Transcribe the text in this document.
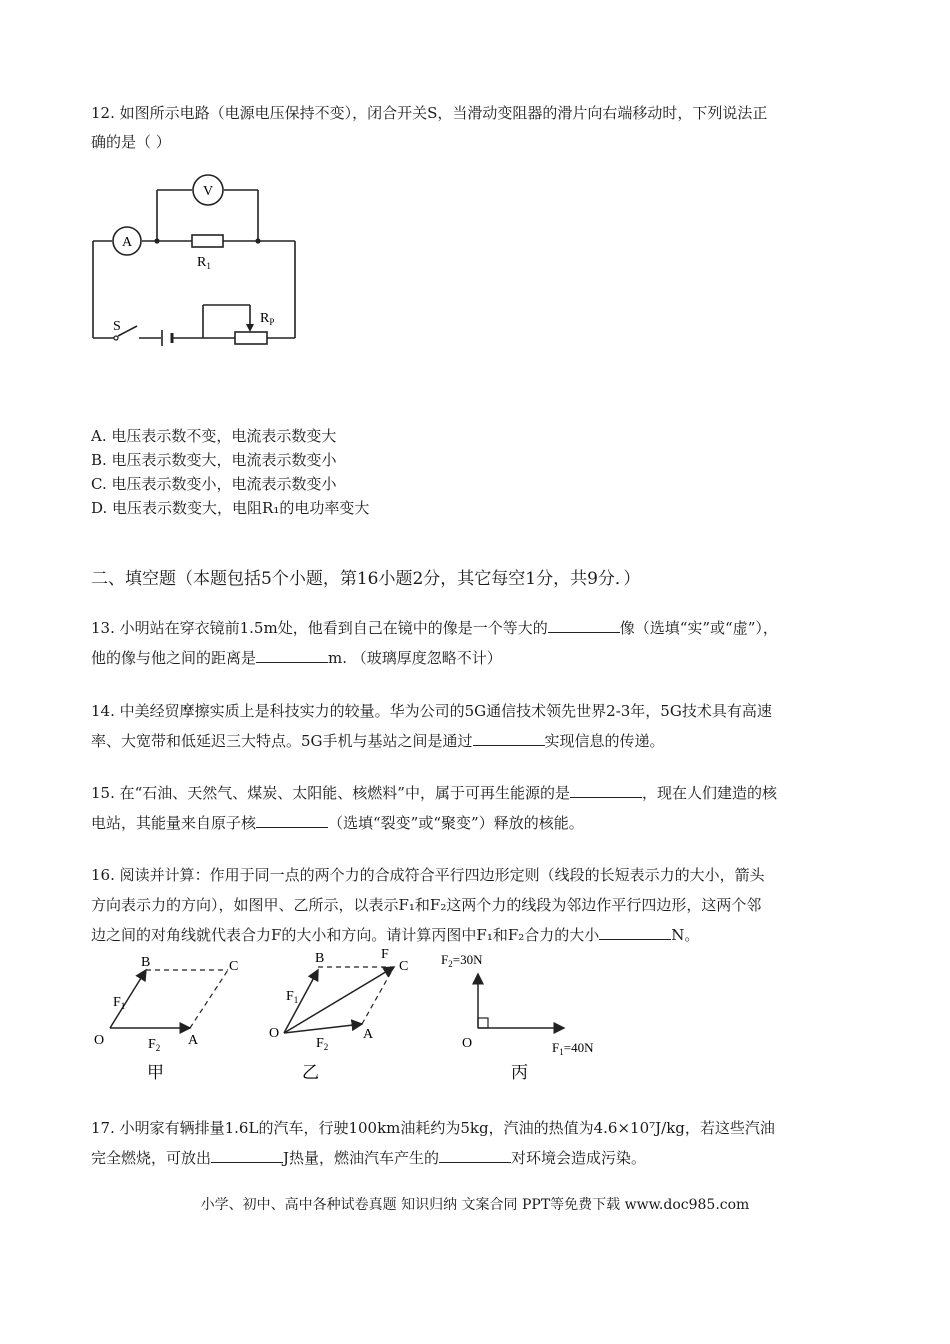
12. 如图所示电路（电源电压保持不变），闭合开关S，当滑动变阻器的滑片向右端移动时，下列说法正
确的是（ ）
A
V
$R_1$
$R_P$
S
A. 电压表示数不变，电流表示数变大
B. 电压表示数变大，电流表示数变小
C. 电压表示数变小，电流表示数变小
D. 电压表示数变大，电阻R₁的电功率变大
二、填空题（本题包括5个小题，第16小题2分，其它每空1分，共9分．）
13. 小明站在穿衣镜前1.5m处，他看到自己在镜中的像是一个等大的	像（选填“实”或“虚”），
他的像与他之间的距离是	m. （玻璃厚度忽略不计）
14. 中美经贸摩擦实质上是科技实力的较量。华为公司的5G通信技术领先世界2-3年，5G技术具有高速
率、大宽带和低延迟三大特点。5G手机与基站之间是通过	实现信息的传递。
15. 在“石油、天然气、煤炭、太阳能、核燃料”中，属于可再生能源的是	，现在人们建造的核
电站，其能量来自原子核	（选填“裂变”或“聚变”）释放的核能。
16. 阅读并计算：作用于同一点的两个力的合成符合平行四边形定则（线段的长短表示力的大小，箭头
方向表示力的方向），如图甲、乙所示，以表示F₁和F₂这两个力的线段为邻边作平行四边形，这两个邻
边之间的对角线就代表合力F的大小和方向。请计算丙图中F₁和F₂合力的大小	N。
B	C
O	A
$F_1$
$F_2$
甲
B	F
C
O	A
$F_1$
$F_2$
乙
$F_2=30N$
O	$F_1=40N$
丙
17. 小明家有辆排量1.6L的汽车，行驶100km油耗约为5kg，汽油的热值为4.6×10⁷J/kg，若这些汽油
完全燃烧，可放出	J热量，燃油汽车产生的	对环境会造成污染。
小学、初中、高中各种试卷真题 知识归纳 文案合同 PPT等免费下载 www.doc985.com
